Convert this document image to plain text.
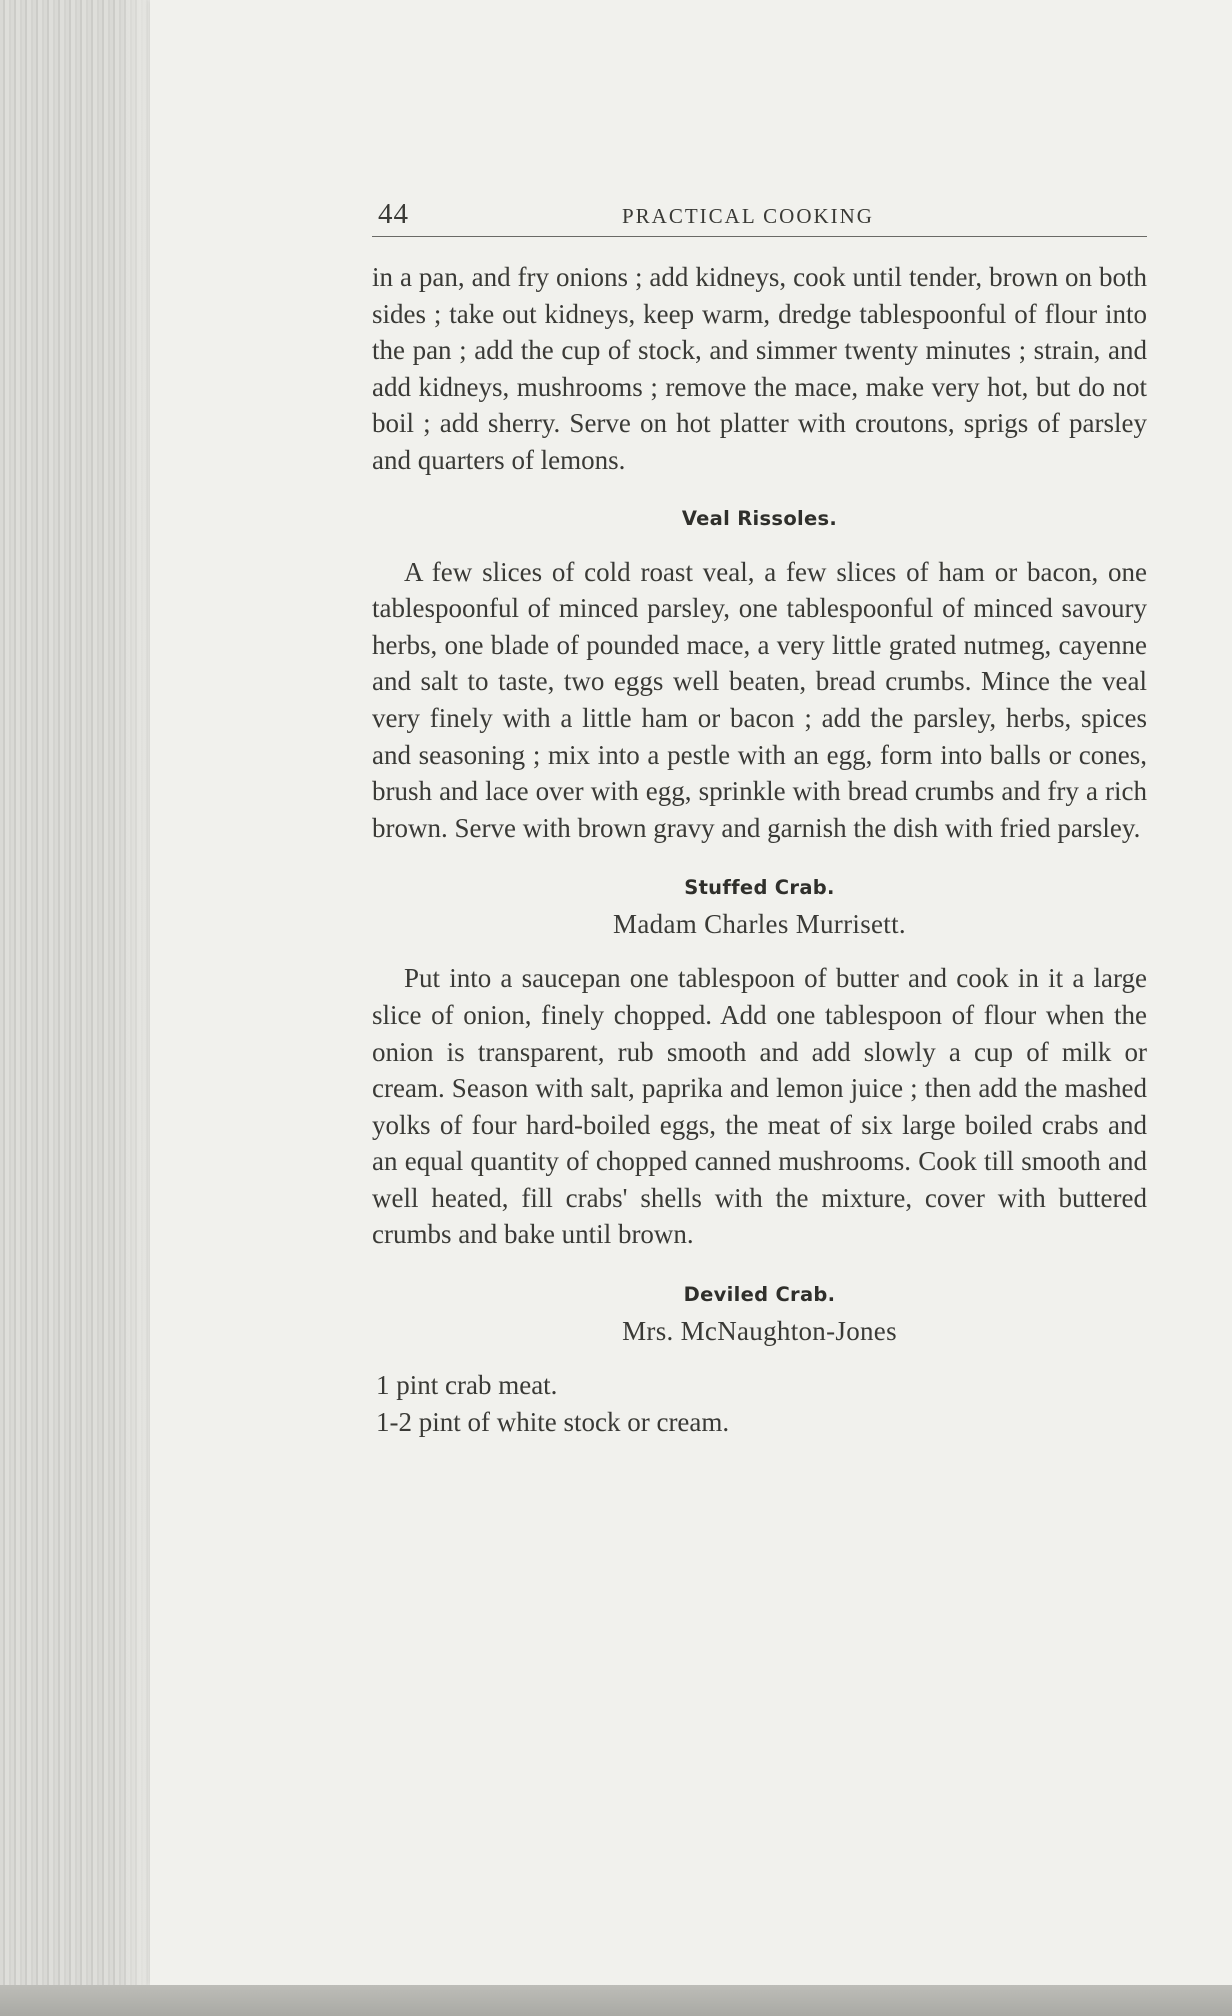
44	PRACTICAL COOKING

in a pan, and fry onions ; add kidneys, cook until tender, brown on both sides ; take out kidneys, keep warm, dredge tablespoonful of flour into the pan ; add the cup of stock, and simmer twenty minutes ; strain, and add kidneys, mushrooms ; remove the mace, make very hot, but do not boil ; add sherry. Serve on hot platter with croutons, sprigs of parsley and quarters of lemons.

Veal Rissoles.

A few slices of cold roast veal, a few slices of ham or bacon, one tablespoonful of minced parsley, one tablespoonful of minced savoury herbs, one blade of pounded mace, a very little grated nutmeg, cayenne and salt to taste, two eggs well beaten, bread crumbs. Mince the veal very finely with a little ham or bacon ; add the parsley, herbs, spices and seasoning ; mix into a pestle with an egg, form into balls or cones, brush and lace over with egg, sprinkle with bread crumbs and fry a rich brown. Serve with brown gravy and garnish the dish with fried parsley.

Stuffed Crab.
Madam Charles Murrisett.

Put into a saucepan one tablespoon of butter and cook in it a large slice of onion, finely chopped. Add one tablespoon of flour when the onion is transparent, rub smooth and add slowly a cup of milk or cream. Season with salt, paprika and lemon juice ; then add the mashed yolks of four hard-boiled eggs, the meat of six large boiled crabs and an equal quantity of chopped canned mushrooms. Cook till smooth and well heated, fill crabs' shells with the mixture, cover with buttered crumbs and bake until brown.

Deviled Crab.
Mrs. McNaughton-Jones
1 pint crab meat.
1-2 pint of white stock or cream.
